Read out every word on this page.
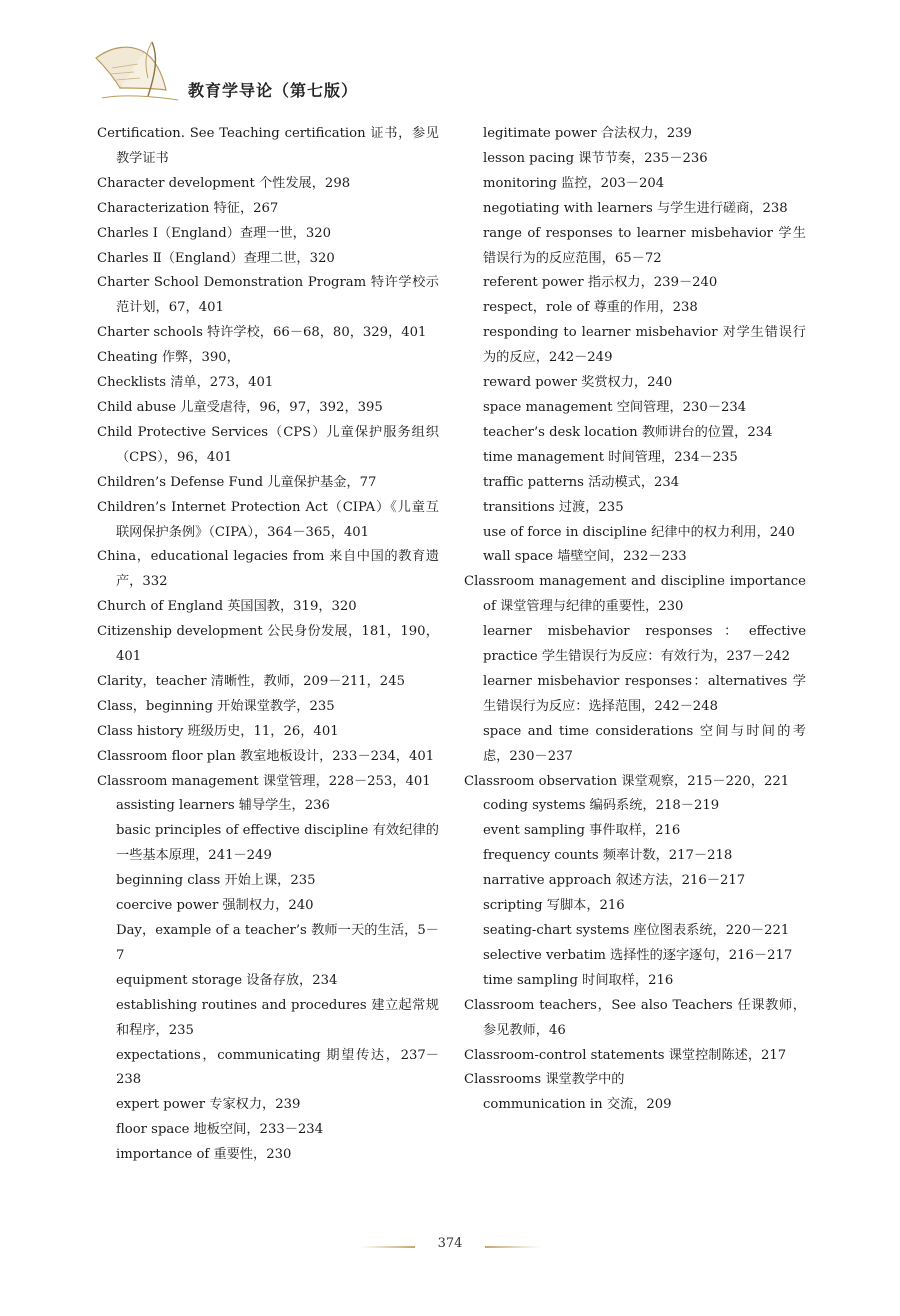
教育学导论（第七版）

Certification. See Teaching certification 证书，参见教学证书

Character development 个性发展，298

Characterization 特征，267

Charles Ⅰ（England）查理一世，320

Charles Ⅱ（England）查理二世，320

Charter School Demonstration Program 特许学校示范计划，67，401

Charter schools 特许学校，66－68，80，329，401

Cheating 作弊，390，

Checklists 清单，273，401

Child abuse 儿童受虐待，96，97，392，395

Child Protective Services（CPS）儿童保护服务组织（CPS），96，401

Children’s Defense Fund 儿童保护基金，77

Children’s Internet Protection Act（CIPA）《儿童互联网保护条例》（CIPA），364－365，401

China，educational legacies from 来自中国的教育遗产，332

Church of England 英国国教，319，320

Citizenship development 公民身份发展，181，190，401

Clarity，teacher 清晰性，教师，209－211，245

Class，beginning 开始课堂教学，235

Class history 班级历史，11，26，401

Classroom floor plan 教室地板设计，233－234，401

Classroom management 课堂管理，228－253，401

assisting learners 辅导学生，236

basic principles of effective discipline 有效纪律的一些基本原理，241－249

beginning class 开始上课，235

coercive power 强制权力，240

Day，example of a teacher’s 教师一天的生活，5－7

equipment storage 设备存放，234

establishing routines and procedures 建立起常规和程序，235

expectations，communicating 期望传达，237－238

expert power 专家权力，239

floor space 地板空间，233－234

importance of 重要性，230

legitimate power 合法权力，239

lesson pacing 课节节奏，235－236

monitoring 监控，203－204

negotiating with learners 与学生进行磋商，238

range of responses to learner misbehavior 学生错误行为的反应范围，65－72

referent power 指示权力，239－240

respect，role of 尊重的作用，238

responding to learner misbehavior 对学生错误行为的反应，242－249

reward power 奖赏权力，240

space management 空间管理，230－234

teacher’s desk location 教师讲台的位置，234

time management 时间管理，234－235

traffic patterns 活动模式，234

transitions 过渡，235

use of force in discipline 纪律中的权力利用，240

wall space 墙壁空间，232－233

Classroom management and discipline importance of 课堂管理与纪律的重要性，230

learner misbehavior responses：effective practice 学生错误行为反应：有效行为，237－242

learner misbehavior responses：alternatives 学生错误行为反应：选择范围，242－248

space and time considerations 空间与时间的考虑，230－237

Classroom observation 课堂观察，215－220，221

coding systems 编码系统，218－219

event sampling 事件取样，216

frequency counts 频率计数，217－218

narrative approach 叙述方法，216－217

scripting 写脚本，216

seating-chart systems 座位图表系统，220－221

selective verbatim 选择性的逐字逐句，216－217

time sampling 时间取样，216

Classroom teachers，See also Teachers 任课教师，参见教师，46

Classroom-control statements 课堂控制陈述，217

Classrooms 课堂教学中的

communication in 交流，209

374
